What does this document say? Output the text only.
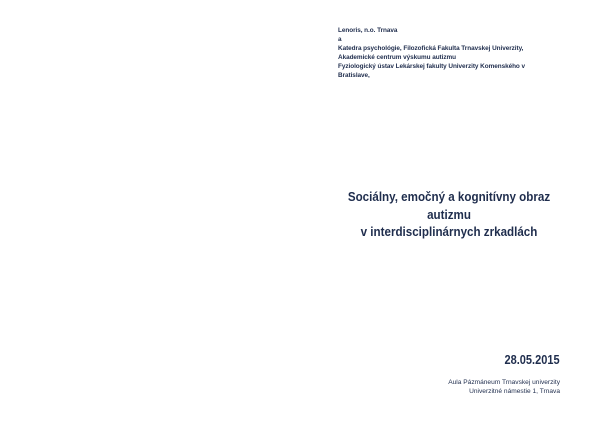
Lenoris, n.o. Trnava
a
Katedra psychológie, Filozofická Fakulta Trnavskej Univerzity,
Akademické centrum výskumu autizmu
Fyziologický ústav Lekárskej fakulty Univerzity Komenského v Bratislave,
Sociálny, emočný a kognitívny obraz
autizmu
v interdisciplinárnych zrkadlách
28.05.2015
Aula Pázmáneum Trnavskej univerzity
Univerzitné námestie 1, Trnava
